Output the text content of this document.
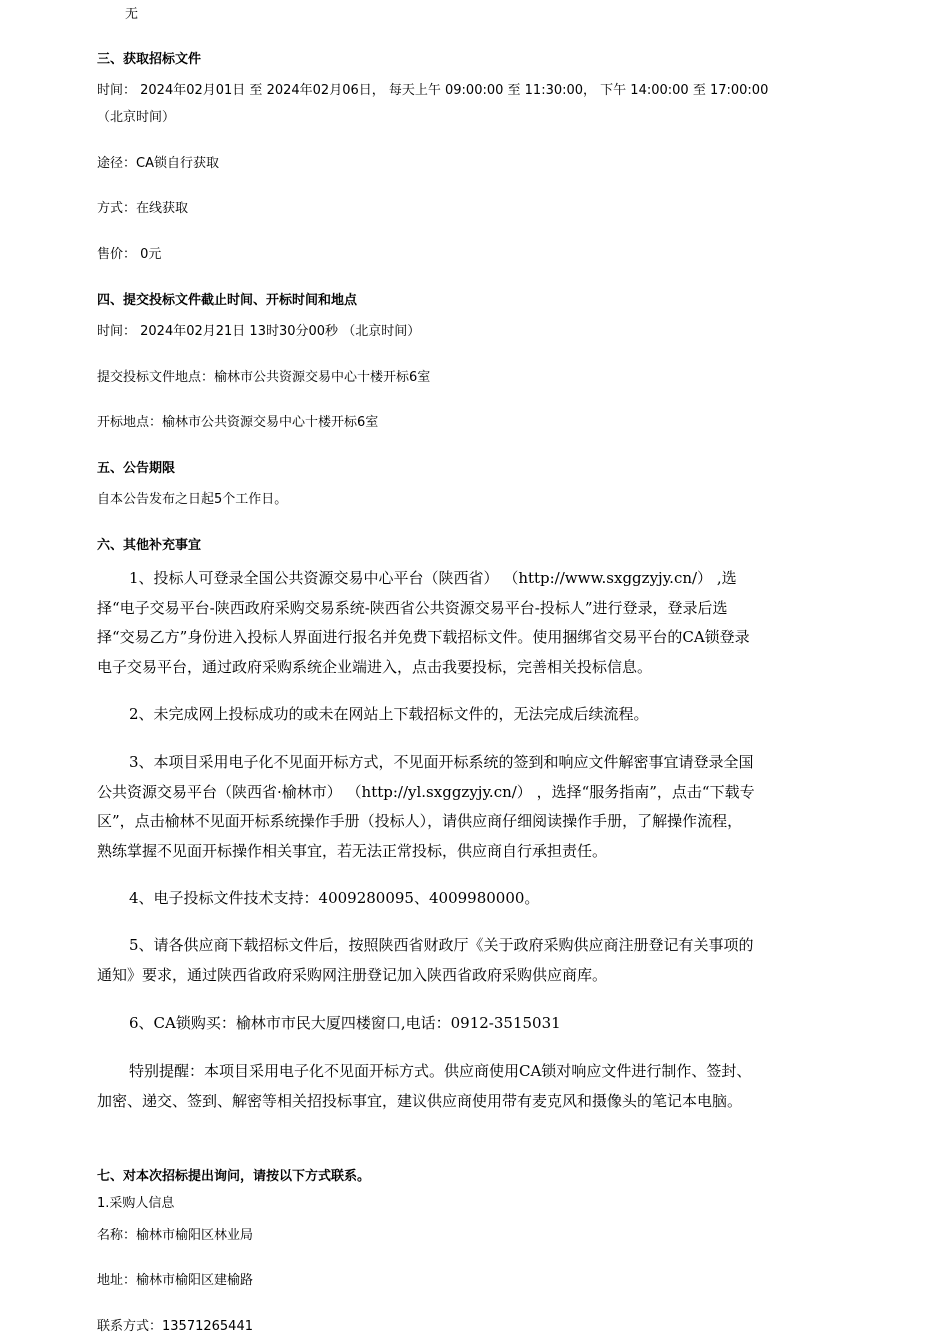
无
三、获取招标文件
时间： 2024年02月01日 至 2024年02月06日， 每天上午 09:00:00 至 11:30:00， 下午 14:00:00 至 17:00:00
（北京时间）
途径：CA锁自行获取
方式：在线获取
售价： 0元
四、提交投标文件截止时间、开标时间和地点
时间： 2024年02月21日 13时30分00秒 （北京时间）
提交投标文件地点：榆林市公共资源交易中心十楼开标6室
开标地点：榆林市公共资源交易中心十楼开标6室
五、公告期限
自本公告发布之日起5个工作日。
六、其他补充事宜
1、投标人可登录全国公共资源交易中心平台（陕西省） （http://www.sxggzyjy.cn/） ,选择“电子交易平台-陕西政府采购交易系统-陕西省公共资源交易平台-投标人”进行登录，登录后选择“交易乙方”身份进入投标人界面进行报名并免费下载招标文件。使用捆绑省交易平台的CA锁登录电子交易平台，通过政府采购系统企业端进入，点击我要投标，完善相关投标信息。
2、未完成网上投标成功的或未在网站上下载招标文件的，无法完成后续流程。
3、本项目采用电子化不见面开标方式，不见面开标系统的签到和响应文件解密事宜请登录全国公共资源交易平台（陕西省·榆林市） （http://yl.sxggzyjy.cn/） ，选择“服务指南”，点击“下载专区”，点击榆林不见面开标系统操作手册（投标人），请供应商仔细阅读操作手册，了解操作流程，熟练掌握不见面开标操作相关事宜，若无法正常投标，供应商自行承担责任。
4、电子投标文件技术支持：4009280095、4009980000。
5、请各供应商下载招标文件后，按照陕西省财政厅《关于政府采购供应商注册登记有关事项的通知》要求，通过陕西省政府采购网注册登记加入陕西省政府采购供应商库。
6、CA锁购买：榆林市市民大厦四楼窗口,电话：0912-3515031
特别提醒：本项目采用电子化不见面开标方式。供应商使用CA锁对响应文件进行制作、签封、加密、递交、签到、解密等相关招投标事宜，建议供应商使用带有麦克风和摄像头的笔记本电脑。
七、对本次招标提出询问，请按以下方式联系。
1.采购人信息
名称：榆林市榆阳区林业局
地址：榆林市榆阳区建榆路
联系方式：13571265441
